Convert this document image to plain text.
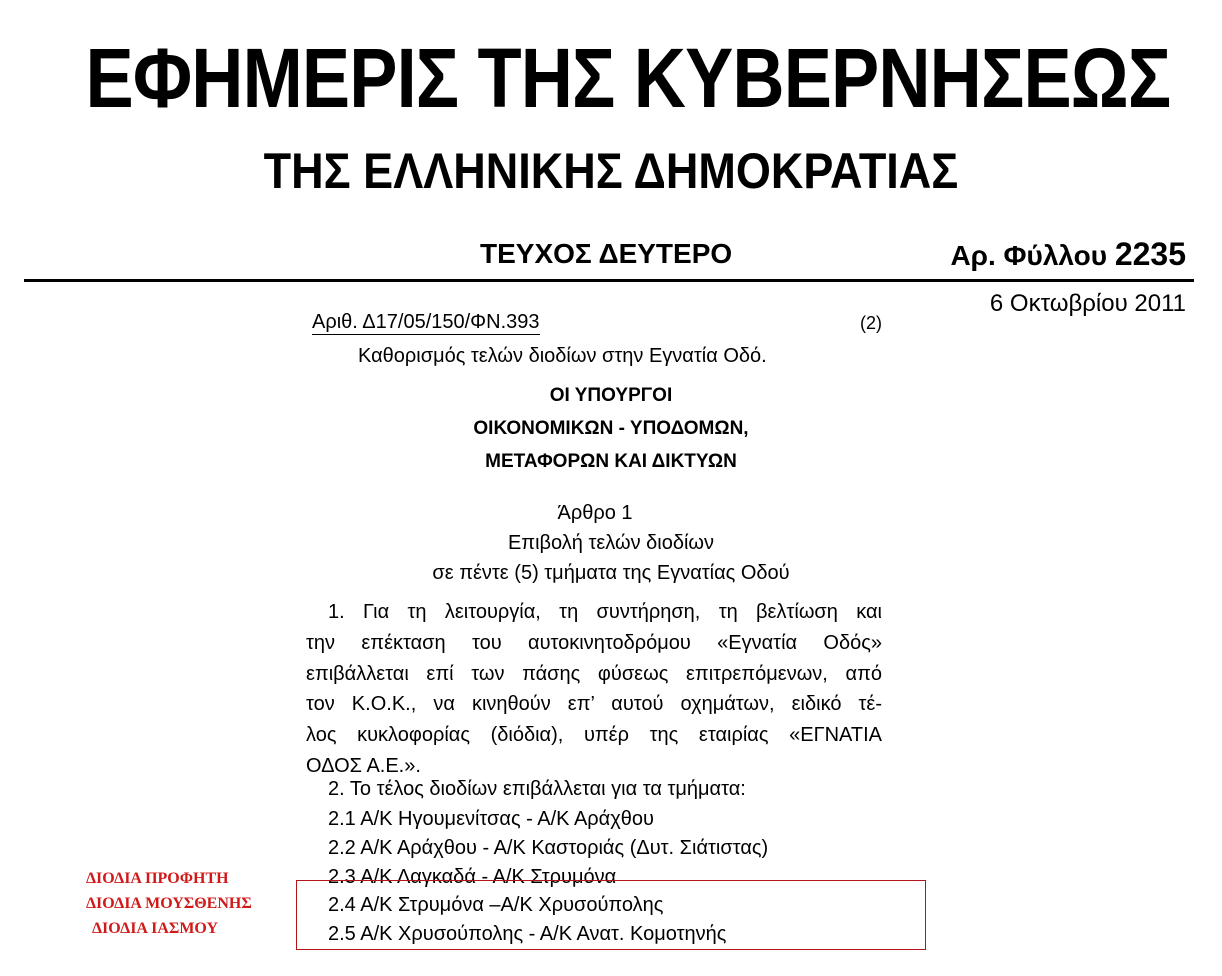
ΕΦΗΜΕΡΙΣ ΤΗΣ ΚΥΒΕΡΝΗΣΕΩΣ
ΤΗΣ ΕΛΛΗΝΙΚΗΣ ΔΗΜΟΚΡΑΤΙΑΣ
ΤΕΥΧΟΣ ΔΕΥΤΕΡΟ	Αρ. Φύλλου 2235
6 Οκτωβρίου 2011
Αριθ. Δ17/05/150/ΦΝ.393	(2)
Καθορισμός τελών διοδίων στην Εγνατία Οδό.
ΟΙ ΥΠΟΥΡΓΟΙ
ΟΙΚΟΝΟΜΙΚΩΝ - ΥΠΟΔΟΜΩΝ,
ΜΕΤΑΦΟΡΩΝ ΚΑΙ ΔΙΚΤΥΩΝ
Άρθρο 1
Επιβολή τελών διοδίων
σε πέντε (5) τμήματα της Εγνατίας Οδού
1. Για τη λειτουργία, τη συντήρηση, τη βελτίωση και
την επέκταση του αυτοκινητοδρόμου «Εγνατία Οδός»
επιβάλλεται επί των πάσης φύσεως επιτρεπόμενων, από
τον Κ.Ο.Κ., να κινηθούν επ’ αυτού οχημάτων, ειδικό τέ-
λος κυκλοφορίας (διόδια), υπέρ της εταιρίας «ΕΓΝΑΤΙΑ
ΟΔΟΣ Α.Ε.».
2. Το τέλος διοδίων επιβάλλεται για τα τμήματα:
2.1 Α/Κ Ηγουμενίτσας - Α/Κ Αράχθου
2.2 Α/Κ Αράχθου - Α/Κ Καστοριάς (Δυτ. Σιάτιστας)
2.3 Α/Κ Λαγκαδά - Α/Κ Στρυμόνα
2.4 Α/Κ Στρυμόνα –Α/Κ Χρυσούπολης
2.5 Α/Κ Χρυσούπολης - Α/Κ Ανατ. Κομοτηνής
ΔΙΟΔΙΑ ΠΡΟΦΗΤΗ
ΔΙΟΔΙΑ ΜΟΥΣΘΕΝΗΣ
ΔΙΟΔΙΑ ΙΑΣΜΟΥ
